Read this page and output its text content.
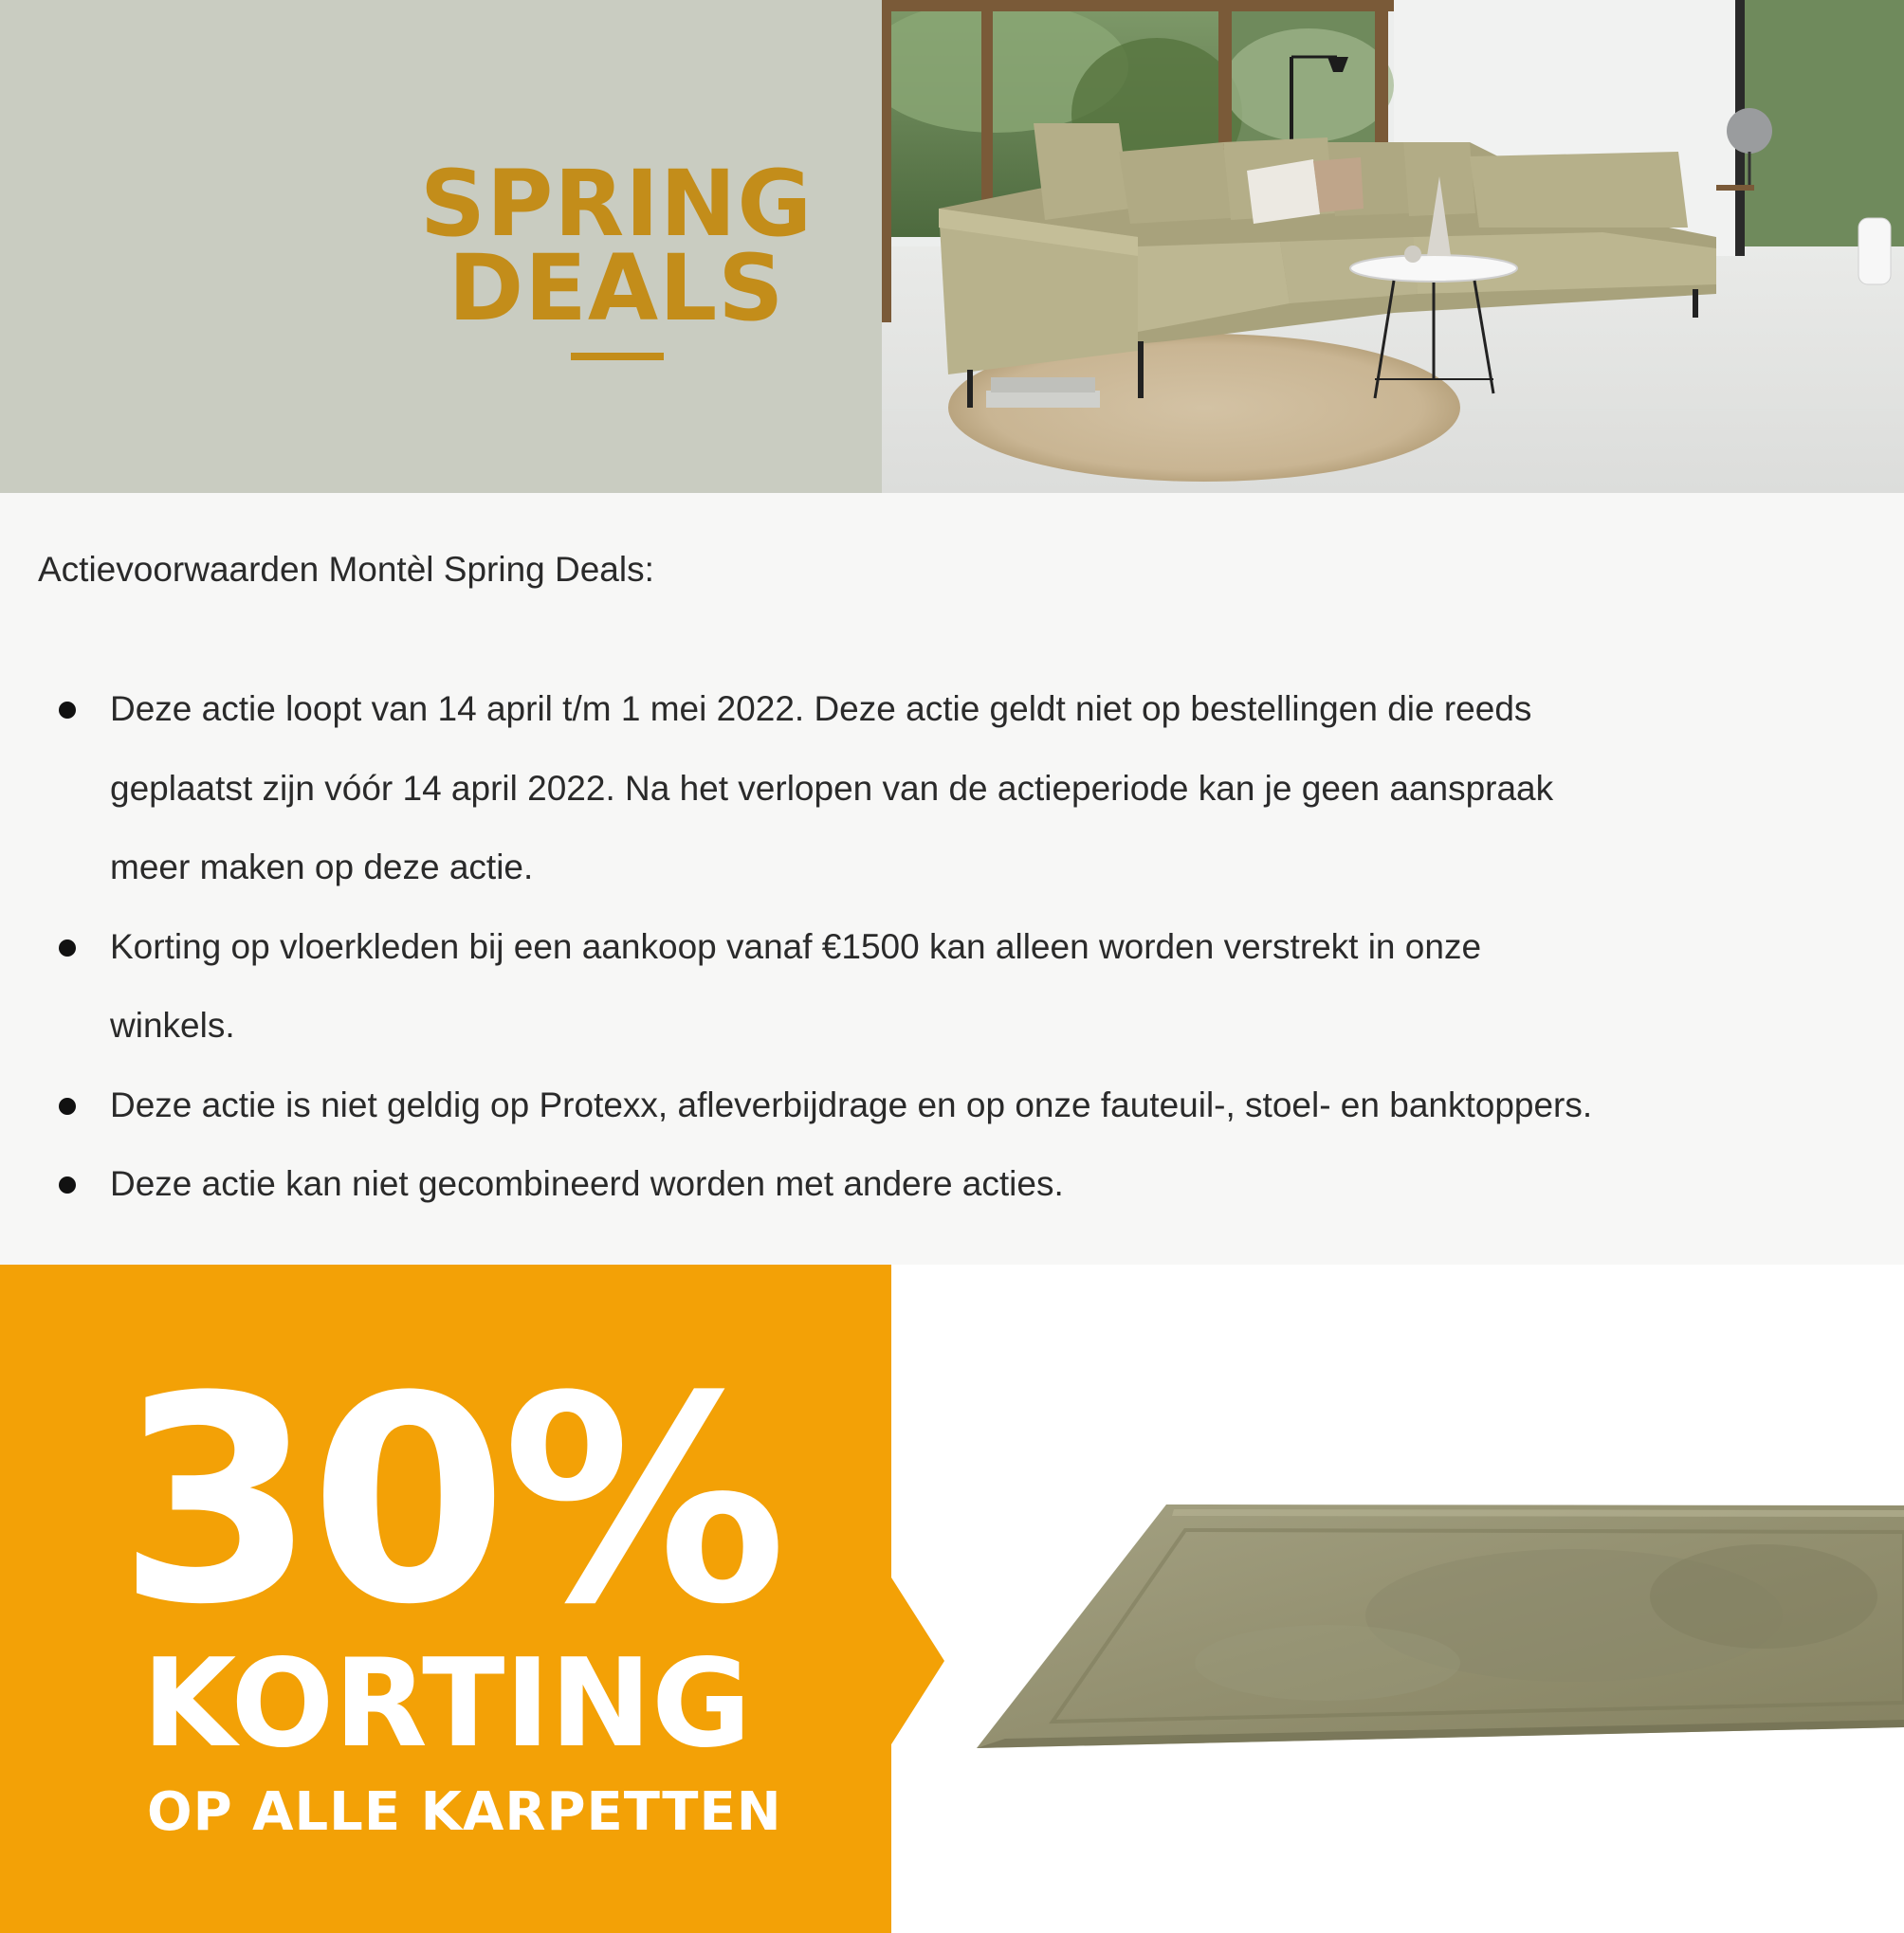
SPRING
DEALS
Actievoorwaarden Montèl Spring Deals:
Deze actie loopt van 14 april t/m 1 mei 2022. Deze actie geldt niet op bestellingen die reeds
geplaatst zijn vóór 14 april 2022. Na het verlopen van de actieperiode kan je geen aanspraak
meer maken op deze actie.
Korting op vloerkleden bij een aankoop vanaf €1500 kan alleen worden verstrekt in onze
winkels.
Deze actie is niet geldig op Protexx, afleverbijdrage en op onze fauteuil-, stoel- en banktoppers.
Deze actie kan niet gecombineerd worden met andere acties.
30%
KORTING
OP ALLE KARPETTEN
